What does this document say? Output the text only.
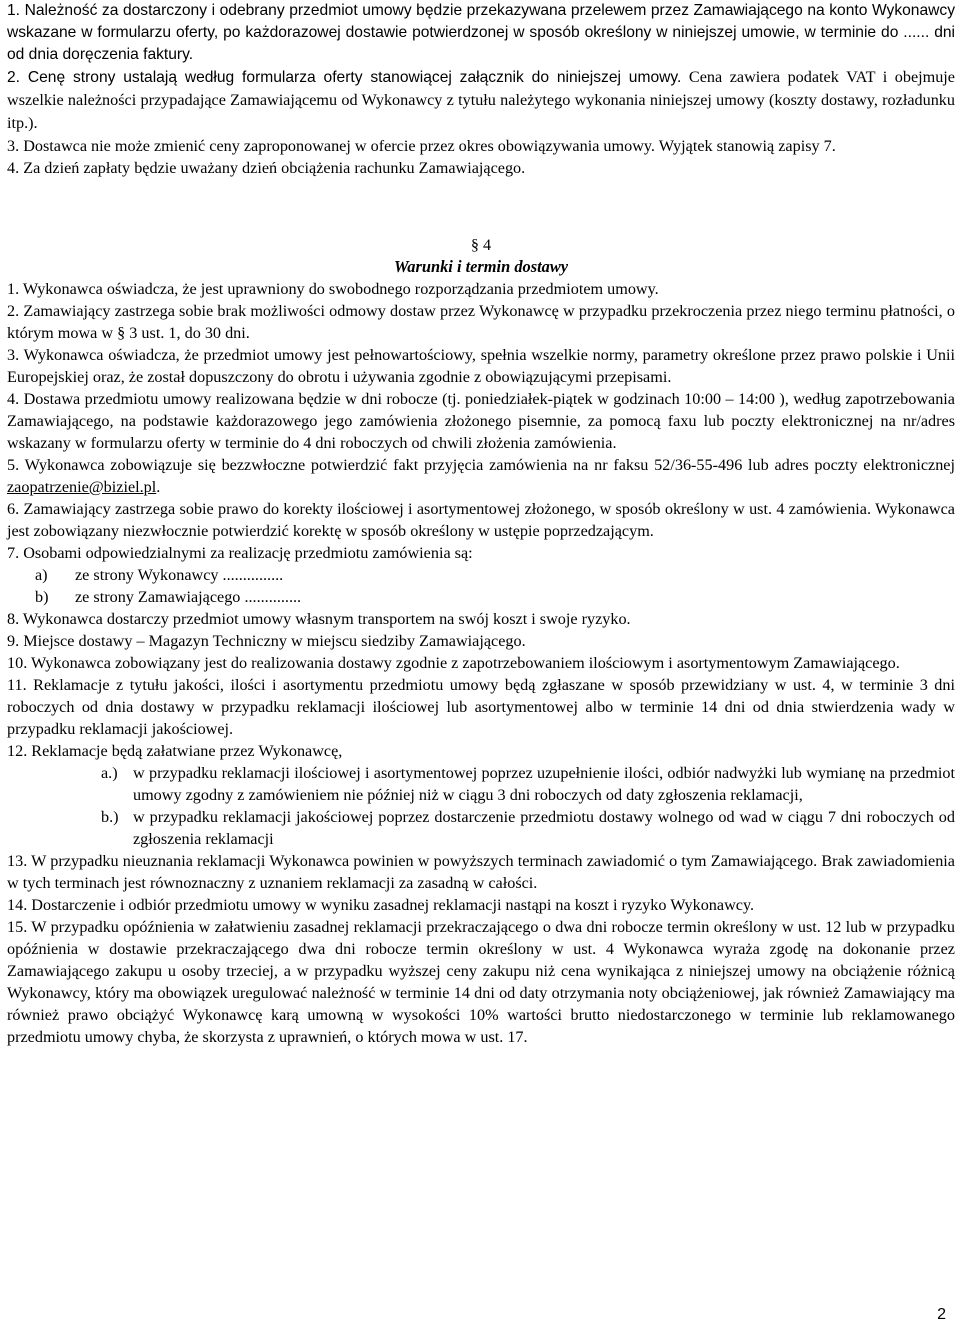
1. Należność za dostarczony i odebrany przedmiot umowy będzie przekazywana przelewem przez Zamawiającego na konto Wykonawcy wskazane w formularzu oferty, po każdorazowej dostawie potwierdzonej w sposób określony w niniejszej umowie, w terminie do ...... dni od dnia doręczenia faktury.

2. Cenę strony ustalają według formularza oferty stanowiącej załącznik do niniejszej umowy. Cena zawiera podatek VAT i obejmuje wszelkie należności przypadające Zamawiającemu od Wykonawcy z tytułu należytego wykonania niniejszej umowy (koszty dostawy, rozładunku itp.).

3. Dostawca nie może zmienić ceny zaproponowanej w ofercie przez okres obowiązywania umowy. Wyjątek stanowią zapisy 7.

4. Za dzień zapłaty będzie uważany dzień obciążenia rachunku Zamawiającego.

§ 4

Warunki i termin dostawy

1. Wykonawca oświadcza, że jest uprawniony do swobodnego rozporządzania przedmiotem umowy.

2. Zamawiający zastrzega sobie brak możliwości odmowy dostaw przez Wykonawcę w przypadku przekroczenia przez niego terminu płatności, o którym mowa w § 3 ust. 1, do 30 dni.

3. Wykonawca oświadcza, że przedmiot umowy jest pełnowartościowy, spełnia wszelkie normy, parametry określone przez prawo polskie i Unii Europejskiej oraz, że został dopuszczony do obrotu i używania zgodnie z obowiązującymi przepisami.

4. Dostawa przedmiotu umowy realizowana będzie w dni robocze (tj. poniedziałek-piątek w godzinach 10:00 – 14:00 ), według zapotrzebowania Zamawiającego, na podstawie każdorazowego jego zamówienia złożonego pisemnie, za pomocą faxu lub poczty elektronicznej na nr/adres wskazany w formularzu oferty w terminie do 4 dni roboczych od chwili złożenia zamówienia.

5. Wykonawca zobowiązuje się bezzwłoczne potwierdzić fakt przyjęcia zamówienia na nr faksu 52/36-55-496 lub adres poczty elektronicznej zaopatrzenie@biziel.pl.

6. Zamawiający zastrzega sobie prawo do korekty ilościowej i asortymentowej złożonego, w sposób określony w ust. 4 zamówienia. Wykonawca jest zobowiązany niezwłocznie potwierdzić korektę w sposób określony w ustępie poprzedzającym.

7. Osobami odpowiedzialnymi za realizację przedmiotu zamówienia są:

a)	ze strony Wykonawcy ...............
b)	ze strony Zamawiającego ..............

8. Wykonawca dostarczy przedmiot umowy własnym transportem na swój koszt i swoje ryzyko.

9. Miejsce dostawy – Magazyn Techniczny w miejscu siedziby Zamawiającego.

10. Wykonawca zobowiązany jest do realizowania dostawy zgodnie z zapotrzebowaniem ilościowym i asortymentowym Zamawiającego.

11. Reklamacje z tytułu jakości, ilości i asortymentu przedmiotu umowy będą zgłaszane w sposób przewidziany w ust. 4, w terminie 3 dni roboczych od dnia dostawy w przypadku reklamacji ilościowej lub asortymentowej albo w terminie 14 dni od dnia stwierdzenia wady w przypadku reklamacji jakościowej.

12. Reklamacje będą załatwiane przez Wykonawcę,

a.) w przypadku reklamacji ilościowej i asortymentowej poprzez uzupełnienie ilości, odbiór nadwyżki lub wymianę na przedmiot umowy zgodny z zamówieniem nie później niż w ciągu 3 dni roboczych od daty zgłoszenia reklamacji,
b.) w przypadku reklamacji jakościowej poprzez dostarczenie przedmiotu dostawy wolnego od wad w ciągu 7 dni roboczych od zgłoszenia reklamacji

13. W przypadku nieuznania reklamacji Wykonawca powinien w powyższych terminach zawiadomić o tym Zamawiającego. Brak zawiadomienia w tych terminach jest równoznaczny z uznaniem reklamacji za zasadną w całości.

14. Dostarczenie i odbiór przedmiotu umowy w wyniku zasadnej reklamacji nastąpi na koszt i ryzyko Wykonawcy.

15. W przypadku opóźnienia w załatwieniu zasadnej reklamacji przekraczającego o dwa dni robocze termin określony w ust. 12 lub w przypadku opóźnienia w dostawie przekraczającego dwa dni robocze termin określony w ust. 4 Wykonawca wyraża zgodę na dokonanie przez Zamawiającego zakupu u osoby trzeciej, a w przypadku wyższej ceny zakupu niż cena wynikająca z niniejszej umowy na obciążenie różnicą Wykonawcy, który ma obowiązek uregulować należność w terminie 14 dni od daty otrzymania noty obciążeniowej, jak również Zamawiający ma również prawo obciążyć Wykonawcę karą umowną w wysokości 10% wartości brutto niedostarczonego w terminie lub reklamowanego przedmiotu umowy chyba, że skorzysta z uprawnień, o których mowa w ust. 17.

2
